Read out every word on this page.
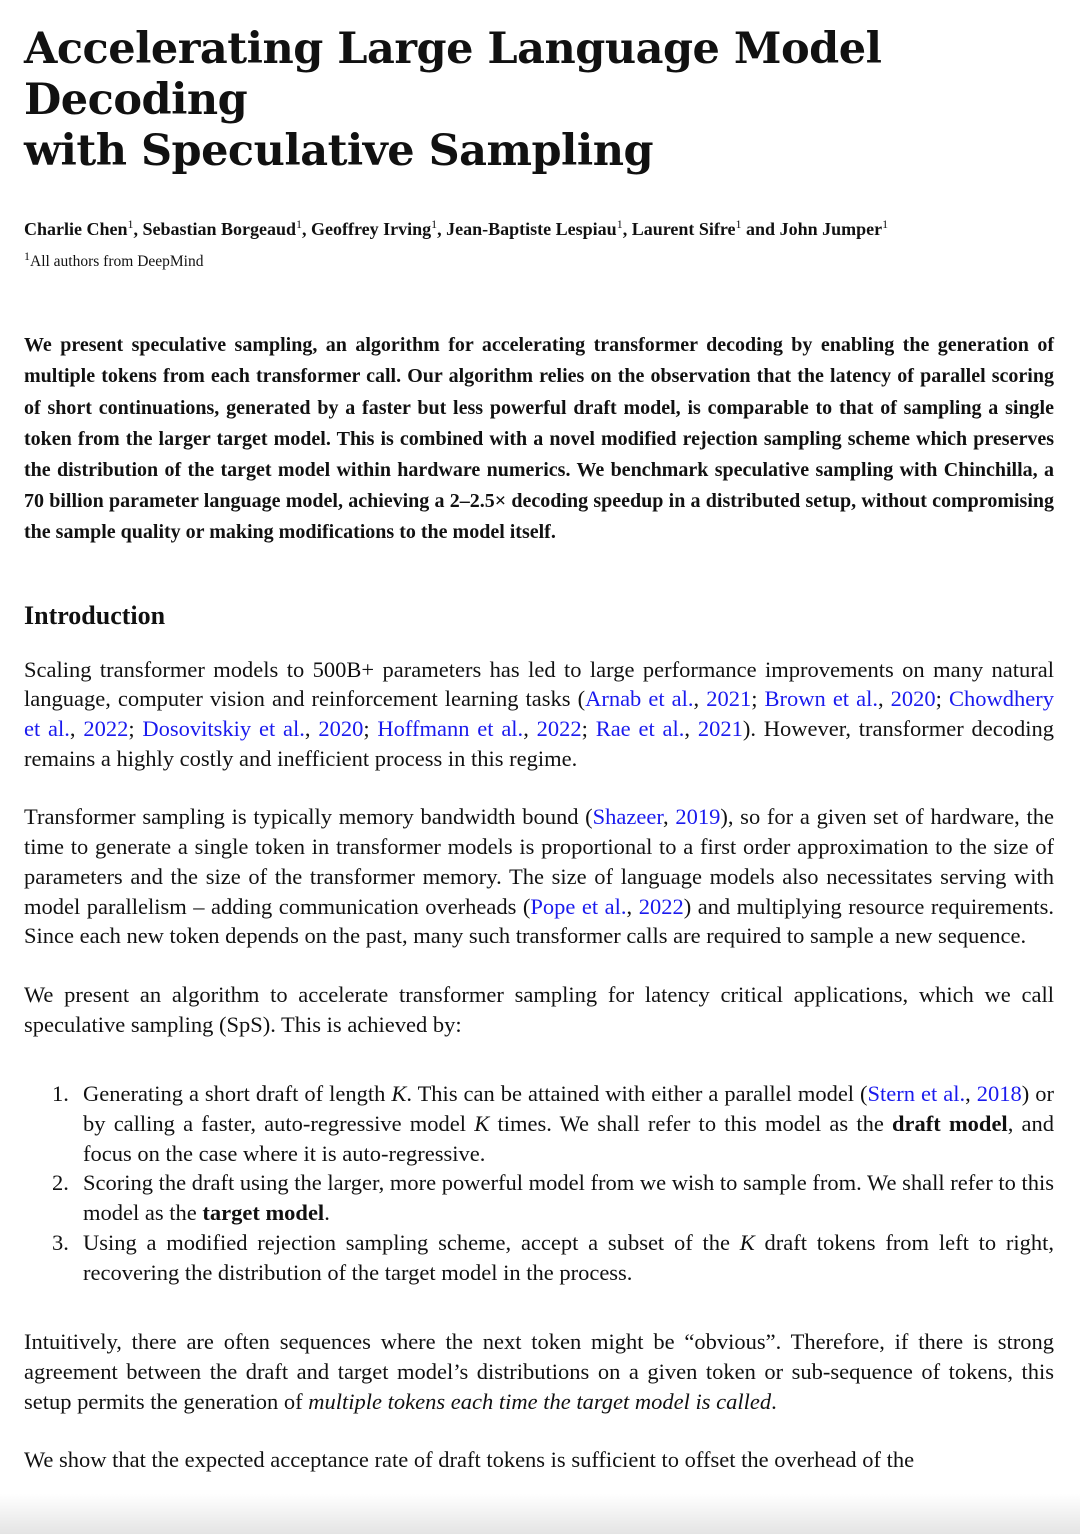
Accelerating Large Language Model Decoding
with Speculative Sampling
Charlie Chen$^1$, Sebastian Borgeaud$^1$, Geoffrey Irving$^1$, Jean-Baptiste Lespiau$^1$, Laurent Sifre$^1$ and John Jumper$^1$
$^1$All authors from DeepMind
We present speculative sampling, an algorithm for accelerating transformer decoding by enabling the generation of multiple tokens from each transformer call. Our algorithm relies on the observation that the latency of parallel scoring of short continuations, generated by a faster but less powerful draft model, is comparable to that of sampling a single token from the larger target model. This is combined with a novel modified rejection sampling scheme which preserves the distribution of the target model within hardware numerics. We benchmark speculative sampling with Chinchilla, a 70 billion parameter language model, achieving a 2–2.5× decoding speedup in a distributed setup, without compromising the sample quality or making modifications to the model itself.
Introduction
Scaling transformer models to 500B+ parameters has led to large performance improvements on many natural language, computer vision and reinforcement learning tasks (Arnab et al., 2021; Brown et al., 2020; Chowdhery et al., 2022; Dosovitskiy et al., 2020; Hoffmann et al., 2022; Rae et al., 2021). However, transformer decoding remains a highly costly and inefficient process in this regime.
Transformer sampling is typically memory bandwidth bound (Shazeer, 2019), so for a given set of hardware, the time to generate a single token in transformer models is proportional to a first order approximation to the size of parameters and the size of the transformer memory. The size of language models also necessitates serving with model parallelism – adding communication overheads (Pope et al., 2022) and multiplying resource requirements. Since each new token depends on the past, many such transformer calls are required to sample a new sequence.
We present an algorithm to accelerate transformer sampling for latency critical applications, which we call speculative sampling (SpS). This is achieved by:
1. Generating a short draft of length K. This can be attained with either a parallel model (Stern et al., 2018) or by calling a faster, auto-regressive model K times. We shall refer to this model as the draft model, and focus on the case where it is auto-regressive.
2. Scoring the draft using the larger, more powerful model from we wish to sample from. We shall refer to this model as the target model.
3. Using a modified rejection sampling scheme, accept a subset of the K draft tokens from left to right, recovering the distribution of the target model in the process.
Intuitively, there are often sequences where the next token might be “obvious”. Therefore, if there is strong agreement between the draft and target model’s distributions on a given token or sub-sequence of tokens, this setup permits the generation of multiple tokens each time the target model is called.
We show that the expected acceptance rate of draft tokens is sufficient to offset the overhead of the
